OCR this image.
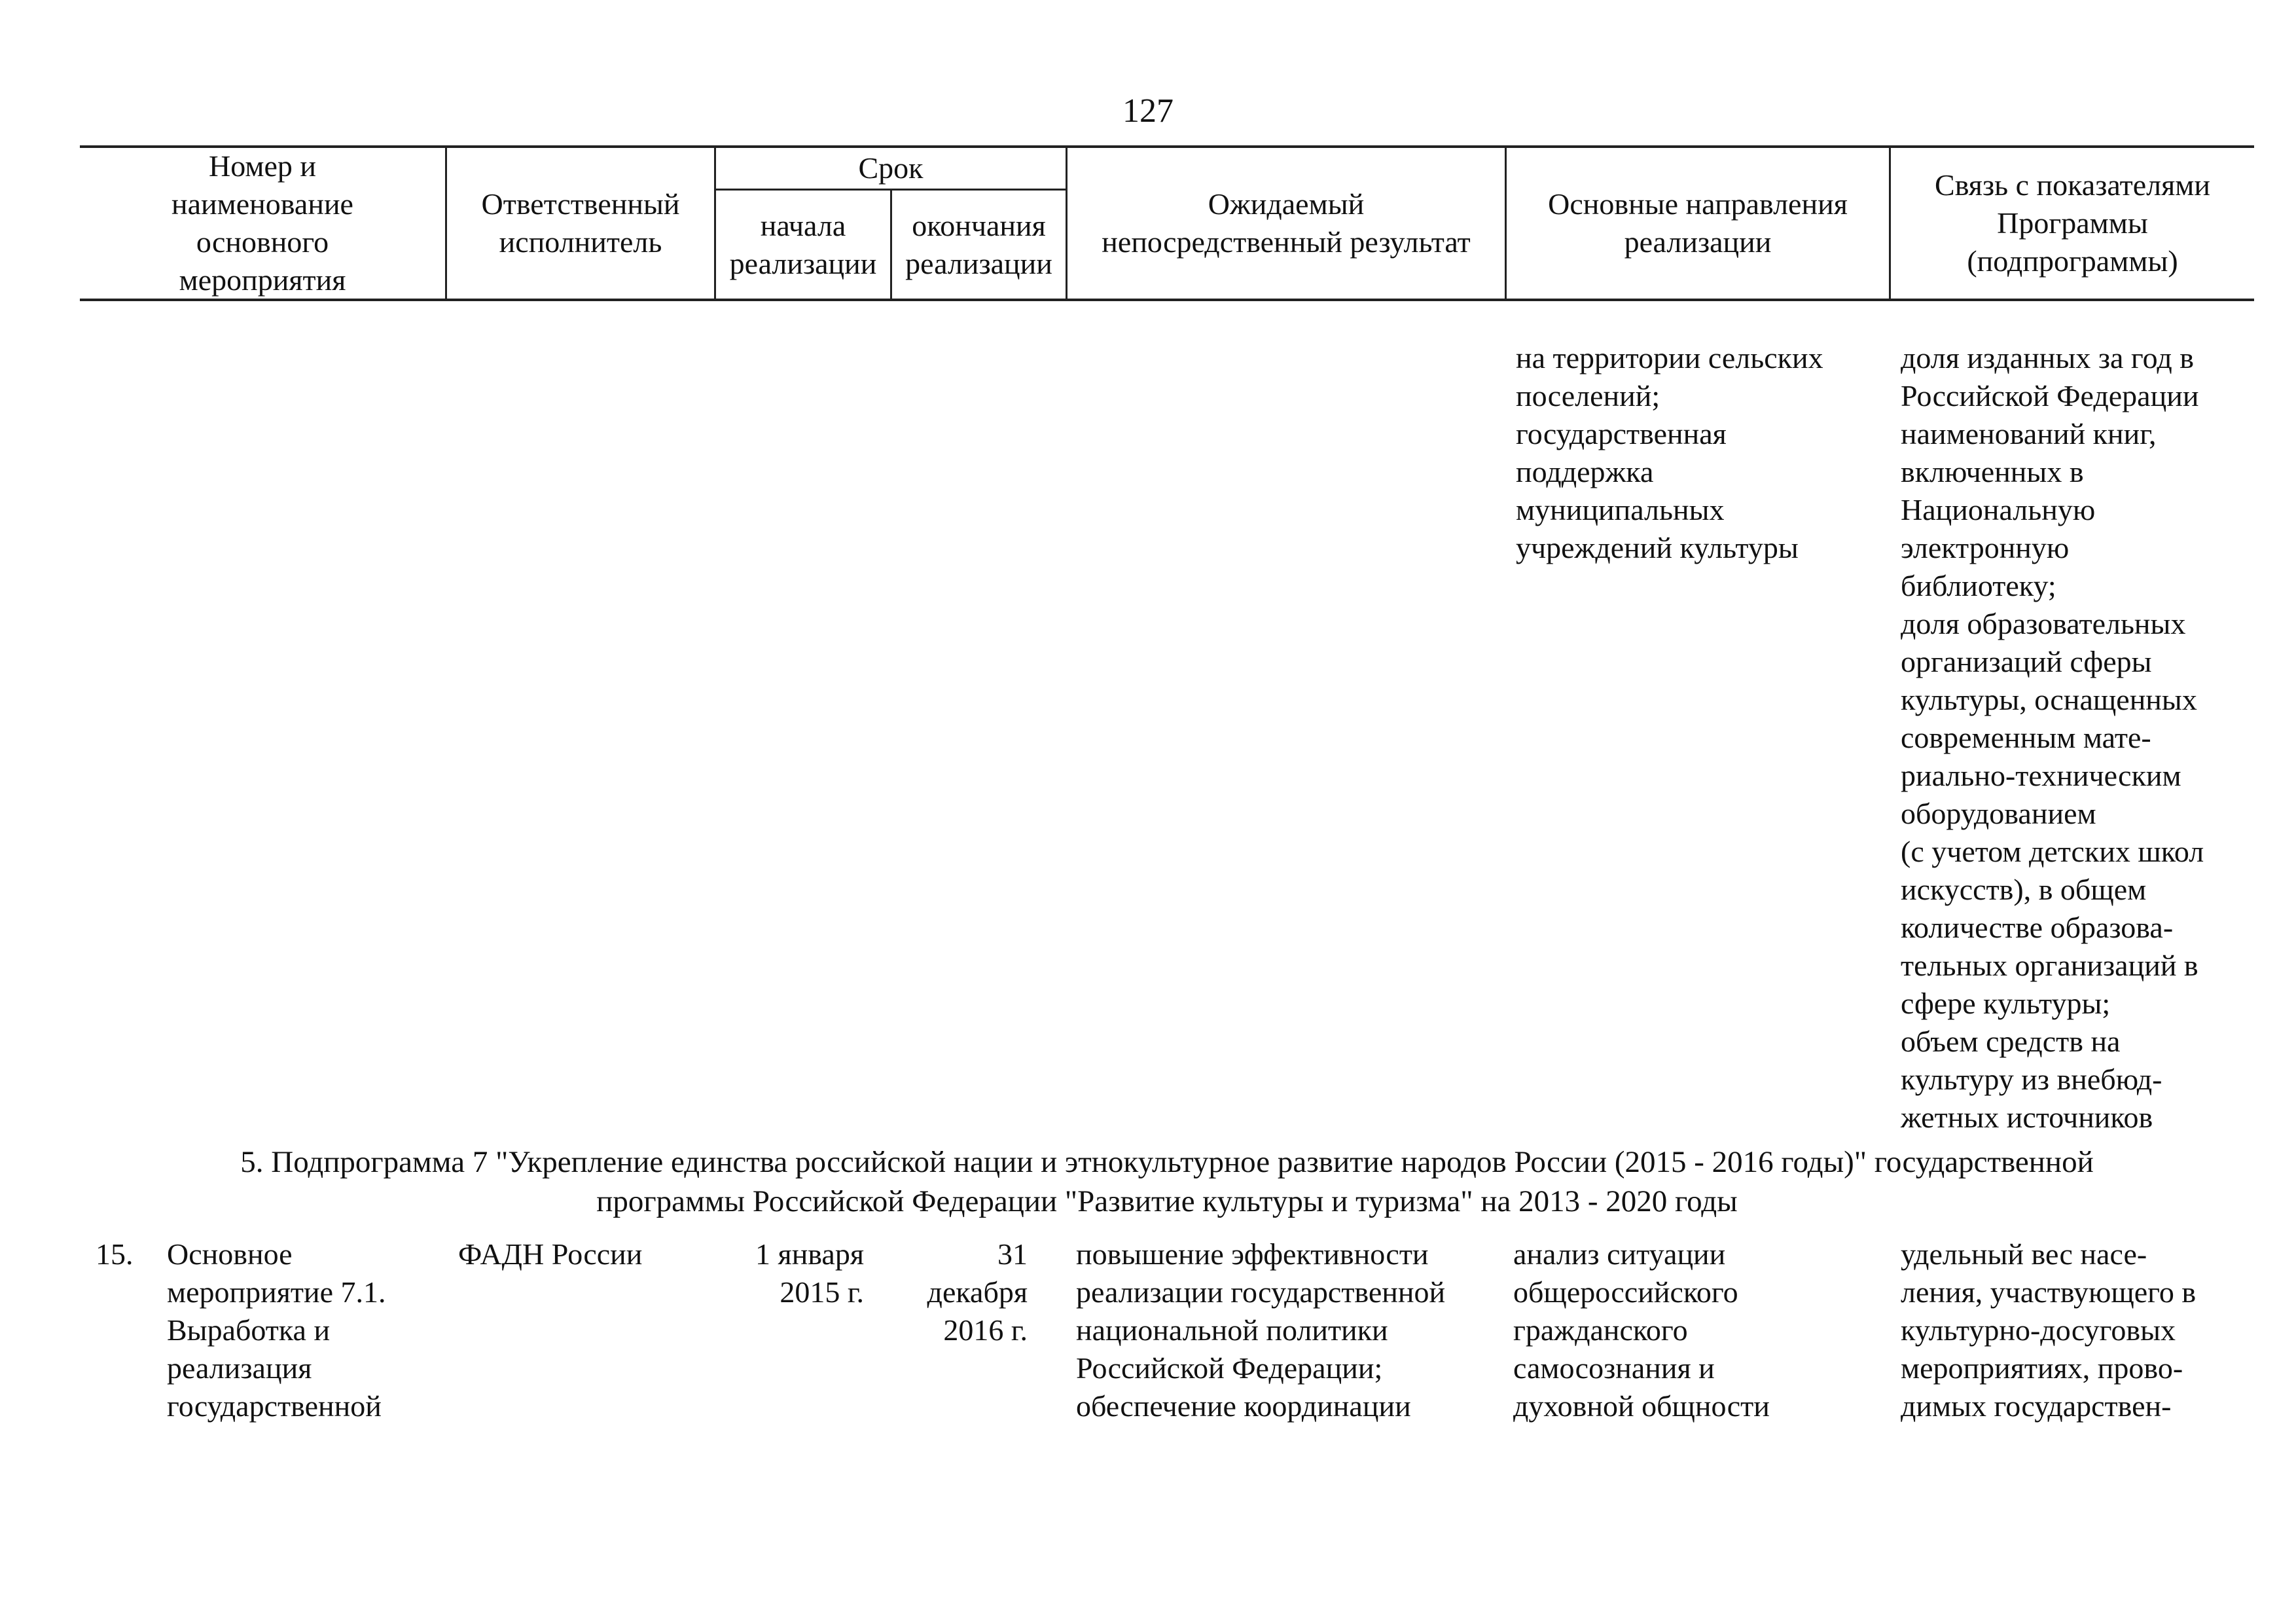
127
Номер и
наименование
основного
мероприятия
Ответственный
исполнитель
Срок
начала
реализации
окончания
реализации
Ожидаемый
непосредственный результат
Основные направления
реализации
Связь с показателями
Программы
(подпрограммы)
на территории сельских
поселений;
государственная
поддержка
муниципальных
учреждений культуры
доля изданных за год в
Российской Федерации
наименований книг,
включенных в
Национальную
электронную
библиотеку;
доля образовательных
организаций сферы
культуры, оснащенных
современным мате-
риально-техническим
оборудованием
(с учетом детских школ
искусств), в общем
количестве образова-
тельных организаций в
сфере культуры;
объем средств на
культуру из внебюд-
жетных источников
5. Подпрограмма 7 "Укрепление единства российской нации и этнокультурное развитие народов России (2015 - 2016 годы)" государственной
программы Российской Федерации "Развитие культуры и туризма" на 2013 - 2020 годы
15.	Основное
мероприятие 7.1.
Выработка и
реализация
государственной
ФАДН России	1 января
2015 г.
31
декабря
2016 г.
повышение эффективности
реализации государственной
национальной политики
Российской Федерации;
обеспечение координации
анализ ситуации
общероссийского
гражданского
самосознания и
духовной общности
удельный вес насе-
ления, участвующего в
культурно-досуговых
мероприятиях, прово-
димых государствен-
